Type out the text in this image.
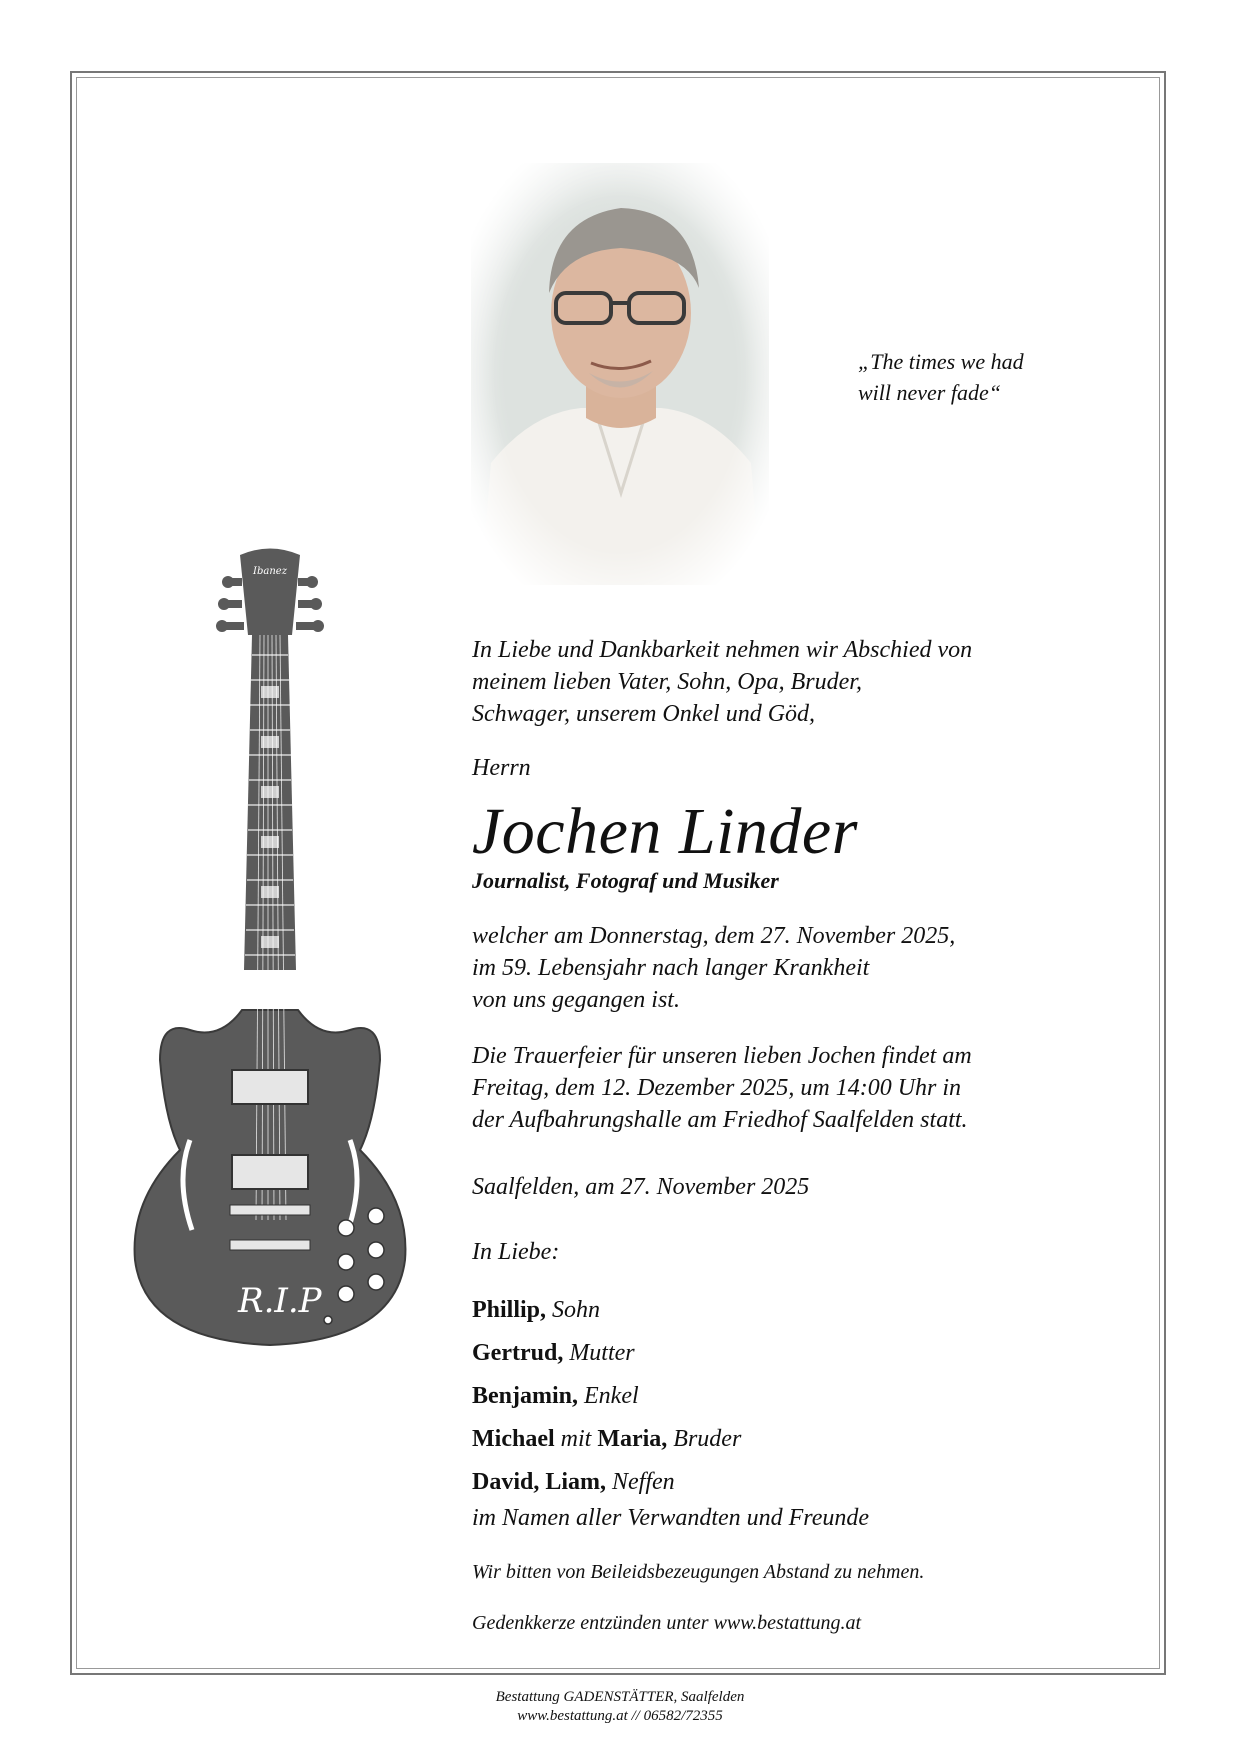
„The times we had
will never fade“
Ibanez
R.I.P
In Liebe und Dankbarkeit nehmen wir Abschied von
meinem lieben Vater, Sohn, Opa, Bruder,
Schwager, unserem Onkel und Göd,
Herrn
Jochen Linder
Journalist, Fotograf und Musiker
welcher am Donnerstag, dem 27. November 2025,
im 59. Lebensjahr nach langer Krankheit
von uns gegangen ist.
Die Trauerfeier für unseren lieben Jochen findet am
Freitag, dem 12. Dezember 2025, um 14:00 Uhr in
der Aufbahrungshalle am Friedhof Saalfelden statt.
Saalfelden, am 27. November 2025
In Liebe:
Phillip, Sohn
Gertrud, Mutter
Benjamin, Enkel
Michael mit Maria, Bruder
David, Liam, Neffen
im Namen aller Verwandten und Freunde
Wir bitten von Beileidsbezeugungen Abstand zu nehmen.
Gedenkkerze entzünden unter www.bestattung.at
Bestattung GADENSTÄTTER, Saalfelden
www.bestattung.at // 06582/72355
